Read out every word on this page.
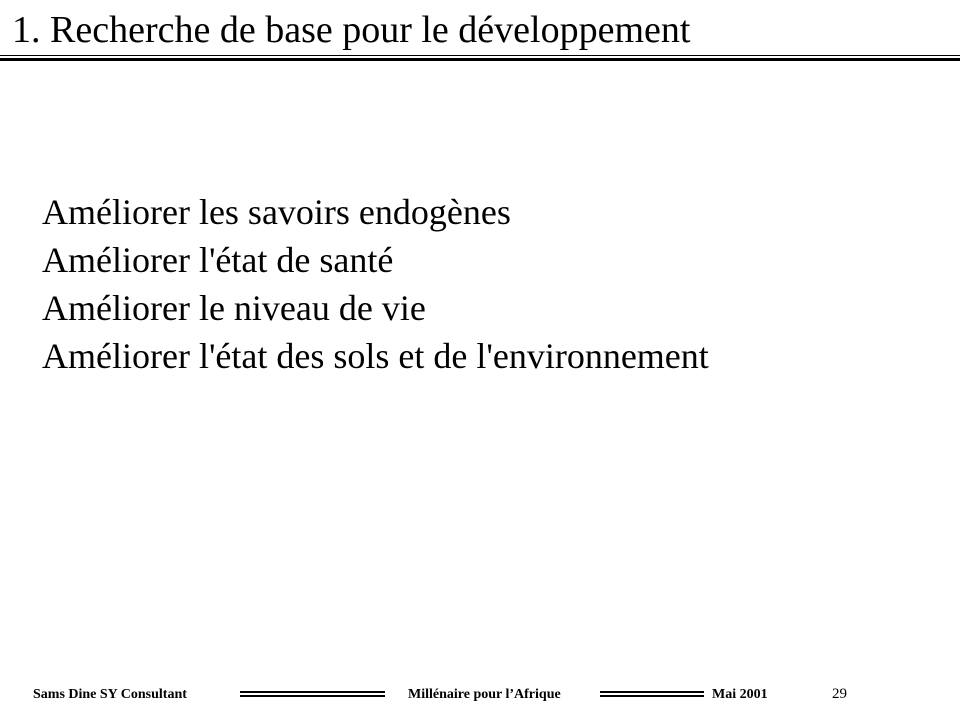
1. Recherche de base pour le développement
Améliorer les savoirs endogènes
Améliorer l'état de santé
Améliorer le niveau de vie
Améliorer l'état des sols et de l'environnement
Sams Dine SY Consultant	Millénaire pour l’Afrique	Mai 2001	29
